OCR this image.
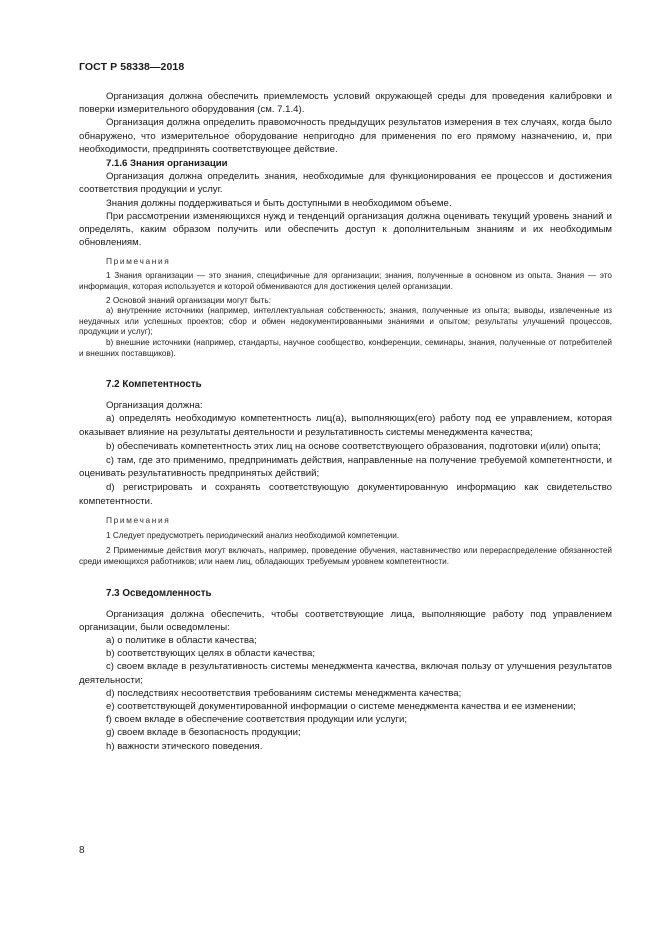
ГОСТ Р 58338—2018

Организация должна обеспечить приемлемость условий окружающей среды для проведения калибровки и поверки измерительного оборудования (см. 7.1.4).

Организация должна определить правомочность предыдущих результатов измерения в тех случаях, когда было обнаружено, что измерительное оборудование непригодно для применения по его прямому назначению, и, при необходимости, предпринять соответствующее действие.

7.1.6 Знания организации

Организация должна определить знания, необходимые для функционирования ее процессов и достижения соответствия продукции и услуг.

Знания должны поддерживаться и быть доступными в необходимом объеме.

При рассмотрении изменяющихся нужд и тенденций организация должна оценивать текущий уровень знаний и определять, каким образом получить или обеспечить доступ к дополнительным знаниям и их необходимым обновлениям.

Примечания

1 Знания организации — это знания, специфичные для организации; знания, полученные в основном из опыта. Знания — это информация, которая используется и которой обмениваются для достижения целей организации.

2 Основой знаний организации могут быть:

a) внутренние источники (например, интеллектуальная собственность; знания, полученные из опыта; выводы, извлеченные из неудачных или успешных проектов; сбор и обмен недокументированными знаниями и опытом; результаты улучшений процессов, продукции и услуг);

b) внешние источники (например, стандарты, научное сообщество, конференции, семинары, знания, полученные от потребителей и внешних поставщиков).

7.2 Компетентность

Организация должна:

a) определять необходимую компетентность лиц(а), выполняющих(его) работу под ее управлением, которая оказывает влияние на результаты деятельности и результативность системы менеджмента качества;

b) обеспечивать компетентность этих лиц на основе соответствующего образования, подготовки и(или) опыта;

c) там, где это применимо, предпринимать действия, направленные на получение требуемой компетентности, и оценивать результативность предпринятых действий;

d) регистрировать и сохранять соответствующую документированную информацию как свидетельство компетентности.

Примечания

1 Следует предусмотреть периодический анализ необходимой компетенции.

2 Применимые действия могут включать, например, проведение обучения, наставничество или перераспределение обязанностей среди имеющихся работников; или наем лиц, обладающих требуемым уровнем компетентности.

7.3 Осведомленность

Организация должна обеспечить, чтобы соответствующие лица, выполняющие работу под управлением организации, были осведомлены:

a) о политике в области качества;

b) соответствующих целях в области качества;

c) своем вкладе в результативность системы менеджмента качества, включая пользу от улучшения результатов деятельности;

d) последствиях несоответствия требованиям системы менеджмента качества;

e) соответствующей документированной информации о системе менеджмента качества и ее изменении;

f) своем вкладе в обеспечение соответствия продукции или услуги;

g) своем вкладе в безопасность продукции;

h) важности этического поведения.

8
